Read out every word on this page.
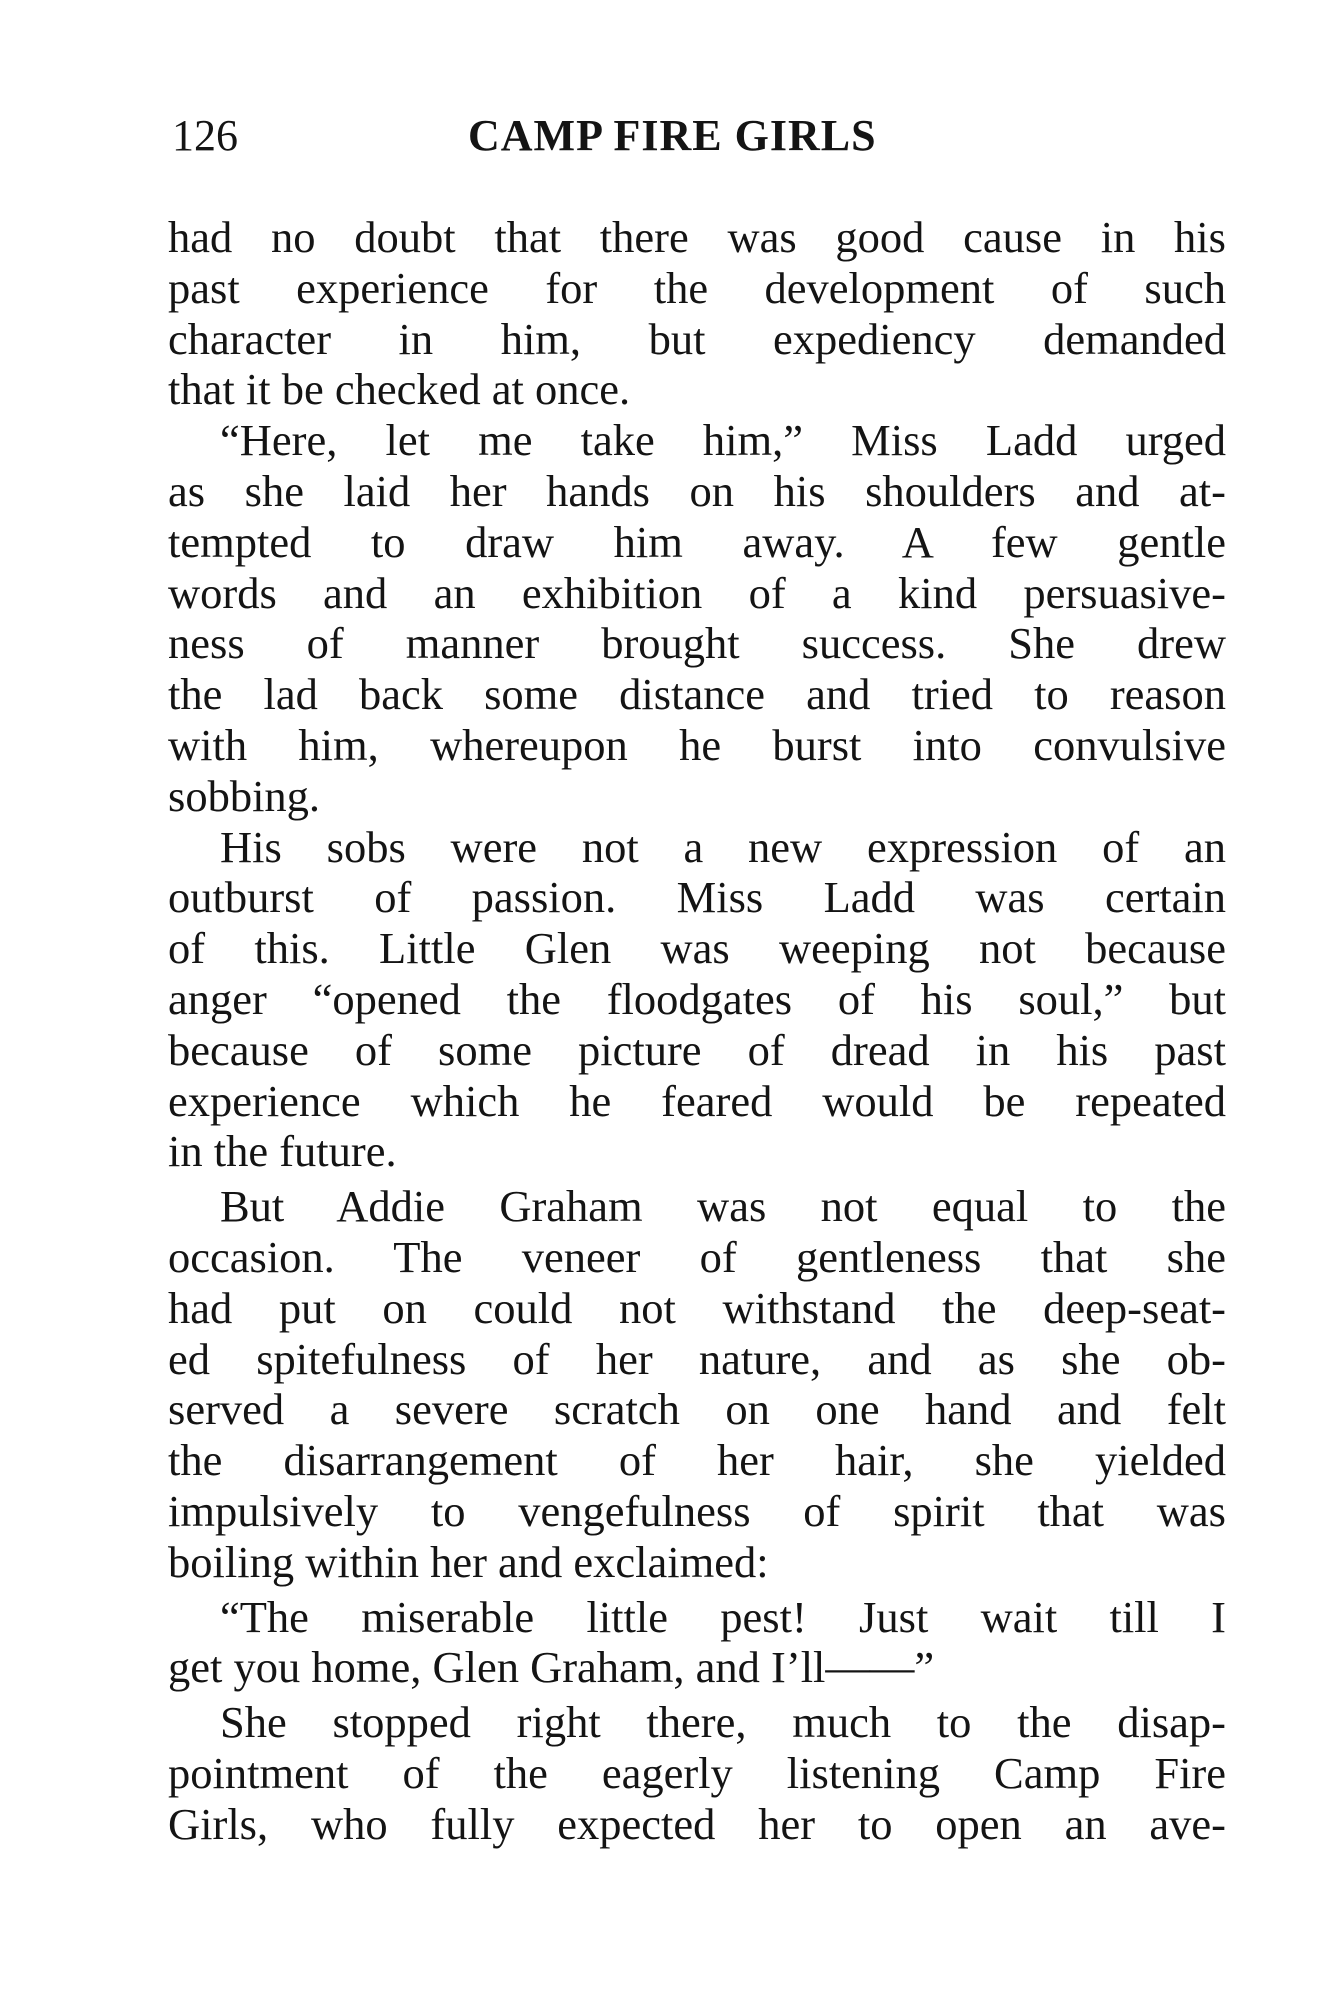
126	CAMP FIRE GIRLS
had no doubt that there was good cause in his
past experience for the development of such
character in him, but expediency demanded
that it be checked at once.
“Here, let me take him,” Miss Ladd urged
as she laid her hands on his shoulders and at-
tempted to draw him away. A few gentle
words and an exhibition of a kind persuasive-
ness of manner brought success. She drew
the lad back some distance and tried to reason
with him, whereupon he burst into convulsive
sobbing.
His sobs were not a new expression of an
outburst of passion. Miss Ladd was certain
of this. Little Glen was weeping not because
anger “opened the floodgates of his soul,” but
because of some picture of dread in his past
experience which he feared would be repeated
in the future.
But Addie Graham was not equal to the
occasion. The veneer of gentleness that she
had put on could not withstand the deep-seat-
ed spitefulness of her nature, and as she ob-
served a severe scratch on one hand and felt
the disarrangement of her hair, she yielded
impulsively to vengefulness of spirit that was
boiling within her and exclaimed:
“The miserable little pest! Just wait till I
get you home, Glen Graham, and I’ll——”
She stopped right there, much to the disap-
pointment of the eagerly listening Camp Fire
Girls, who fully expected her to open an ave-
